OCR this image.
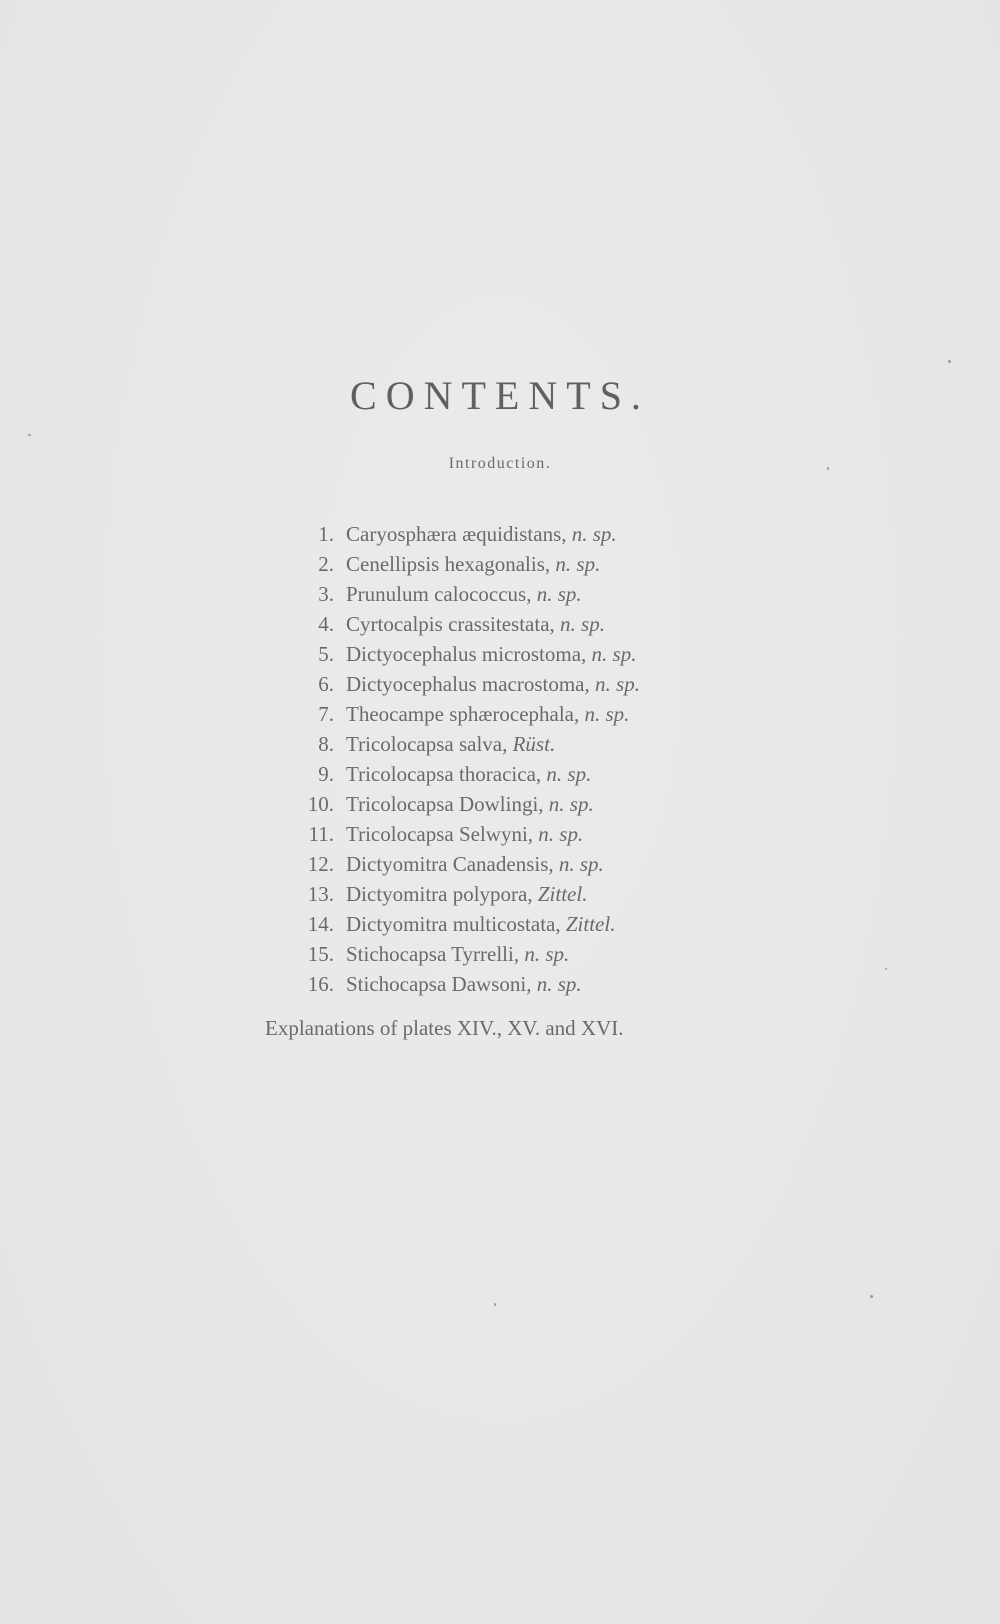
CONTENTS.

Introduction.

1. Caryosphæra æquidistans, n. sp.
2. Cenellipsis hexagonalis, n. sp.
3. Prunulum calococcus, n. sp.
4. Cyrtocalpis crassitestata, n. sp.
5. Dictyocephalus microstoma, n. sp.
6. Dictyocephalus macrostoma, n. sp.
7. Theocampe sphærocephala, n. sp.
8. Tricolocapsa salva, Rüst.
9. Tricolocapsa thoracica, n. sp.
10. Tricolocapsa Dowlingi, n. sp.
11. Tricolocapsa Selwyni, n. sp.
12. Dictyomitra Canadensis, n. sp.
13. Dictyomitra polypora, Zittel.
14. Dictyomitra multicostata, Zittel.
15. Stichocapsa Tyrrelli, n. sp.
16. Stichocapsa Dawsoni, n. sp.

Explanations of plates XIV., XV. and XVI.
